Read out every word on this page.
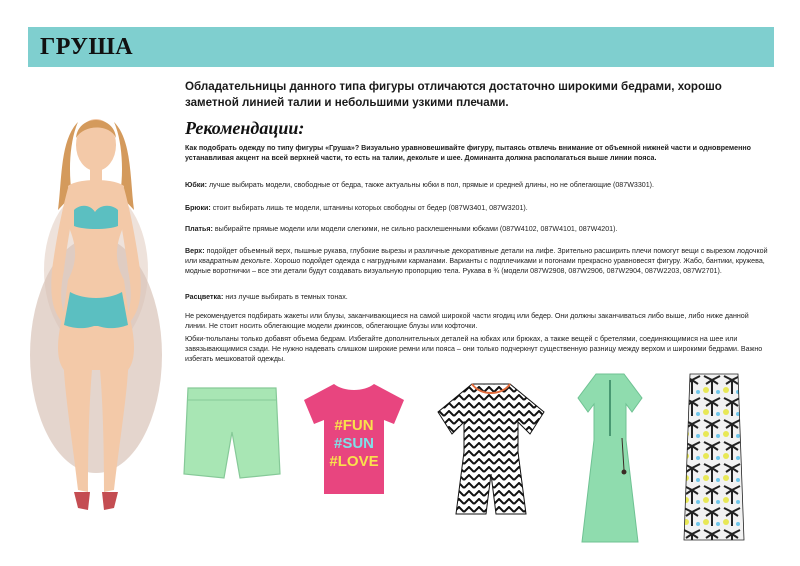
ГРУША
Обладательницы данного типа фигуры отличаются достаточно широкими бедрами, хорошо заметной линией талии и небольшими узкими плечами.
Рекомендации:
Как подобрать одежду по типу фигуры «Груша»? Визуально уравновешивайте фигуру, пытаясь отвлечь внимание от объемной нижней части и одновременно устанавливая акцент на всей верхней части, то есть на талии, декольте и шее. Доминанта должна располагаться выше линии пояса.
Юбки: лучше выбирать модели, свободные от бедра, также актуальны юбки в пол, прямые и средней длины, но не облегающие (087W3301).
Брюки: стоит выбирать лишь те модели, штанины которых свободны от бедер (087W3401, 087W3201).
Платья: выбирайте прямые модели или модели слегкими, не сильно расклешенными юбками (087W4102, 087W4101, 087W4201).
Верх: подойдет объемный верх, пышные рукава, глубокие вырезы и различные декоративные детали на лифе. Зрительно расширить плечи помогут вещи с вырезом лодочкой или квадратным декольте. Хорошо подойдет одежда с нагрудными карманами. Варианты с подплечиками и погонами прекрасно уравновесят фигуру. Жабо, бантики, кружева, модные воротнички – все эти детали будут создавать визуальную пропорцию тела. Рукава в ¾ (модели 087W2908, 087W2906, 087W2904, 087W2203, 087W2701).
Расцветка: низ лучше выбирать в темных тонах.
Не рекомендуется подбирать жакеты или блузы, заканчивающиеся на самой широкой части ягодиц или бедер. Они должны заканчиваться либо выше, либо ниже данной линии. Не стоит носить облегающие модели джинсов, облегающие блузы или кофточки.
Юбки-тюльпаны только добавят объема бедрам. Избегайте дополнительных деталей на юбках или брюках, а также вещей с бретелями, соединяющимися на шее или завязывающимися сзади. Не нужно надевать слишком широкие ремни или пояса – они только подчеркнут существенную разницу между верхом и широкими бедрами. Важно избегать мешковатой одежды.
#FUN
#SUN
#LOVE
